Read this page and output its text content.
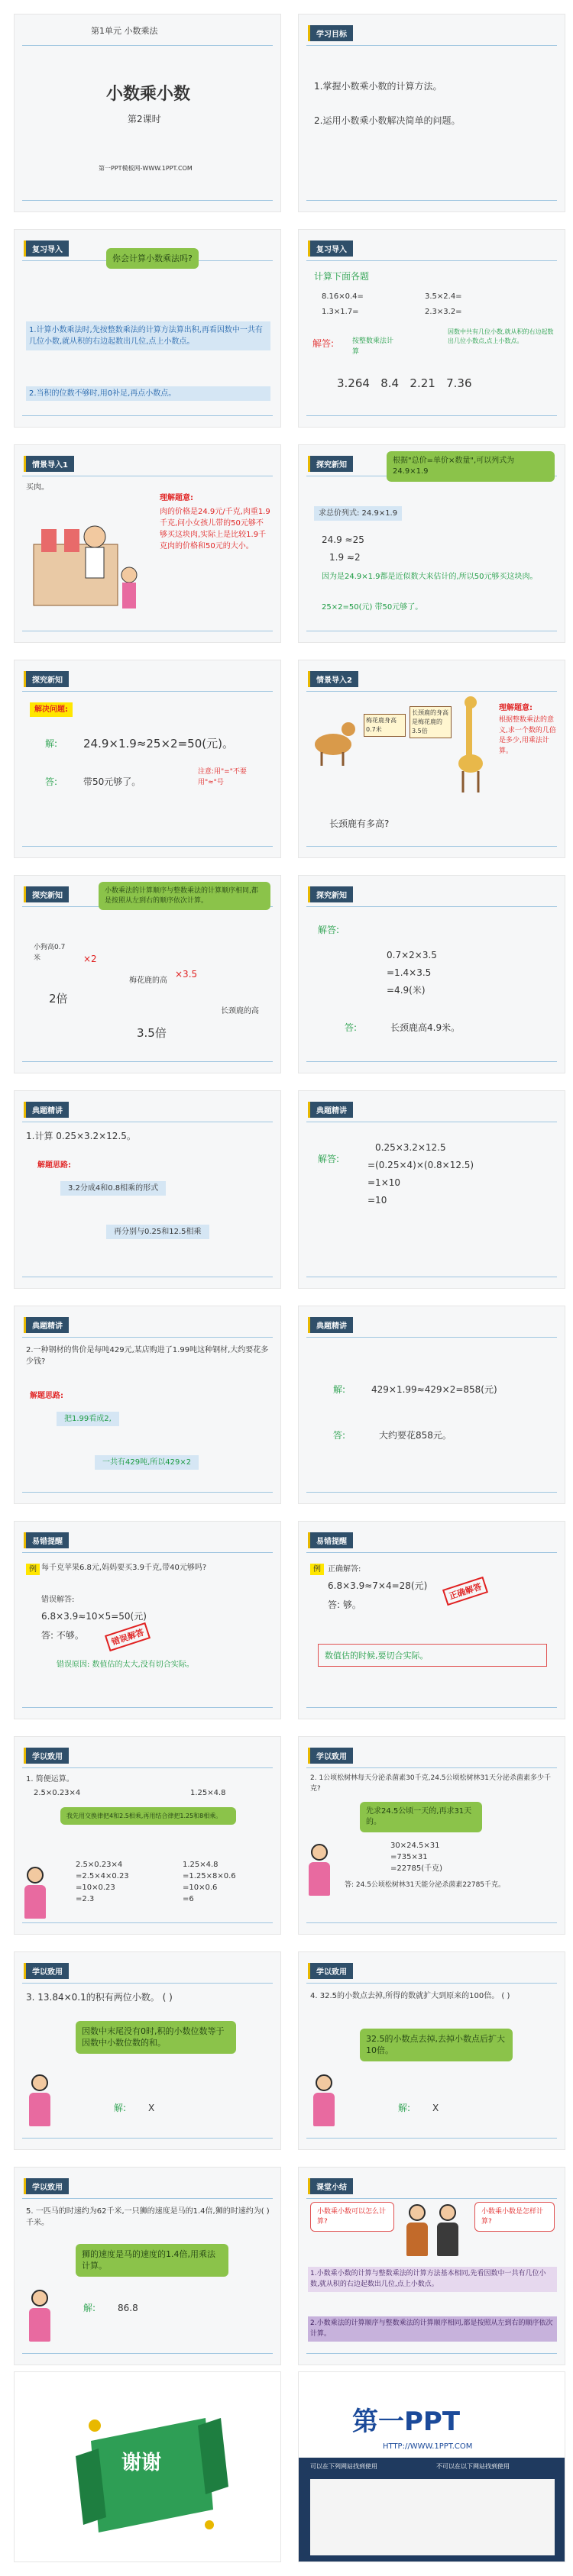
第1单元 小数乘法
小数乘小数
第2课时
第一PPT模板网-WWW.1PPT.COM
学习目标
1.掌握小数乘小数的计算方法。
2.运用小数乘小数解决简单的问题。
复习导入
你会计算小数乘法吗?
1.计算小数乘法时,先按整数乘法的计算方法算出积,再看因数中一共有几位小数,就从积的右边起数出几位,点上小数点。
2.当积的位数不够时,用0补足,再点小数点。
复习导入
计算下面各题
8.16×0.4=	3.5×2.4=
1.3×1.7=	2.3×3.2=
解答:	按整数乘法计算
因数中共有几位小数,就从积的右边起数出几位小数点,点上小数点。
3.264   8.4   2.21   7.36
情景导入1
买肉。
理解题意:
肉的价格是24.9元/千克,肉重1.9千克,问小女孩儿带的50元够不够买这块肉,实际上是比较1.9千克肉的价格和50元的大小。
探究新知
根据"总价=单价×数量",可以列式为24.9×1.9
求总价列式: 24.9×1.9
24.9 ≈25
1.9 ≈2
因为是24.9×1.9都是近似数大来估计的,所以50元够买这块肉。
25×2=50(元) 带50元够了。
探究新知
解决问题:
解: 24.9×1.9≈25×2=50(元)。
答:	带50元够了。
注意:用"="不要用"≈"号
情景导入2
梅花鹿身高0.7米
长颈鹿的身高是梅花鹿的3.5倍
理解题意:
根据整数乘法的意义,求一个数的几倍是多少,用乘法计算。
长颈鹿有多高?
探究新知
小数乘法的计算顺序与整数乘法的计算顺序相同,都是按照从左到右的顺序依次计算。
小狗高0.7米	×2
2倍
梅花鹿的高
×3.5
3.5倍
长颈鹿的高
探究新知
解答:
0.7×2×3.5
=1.4×3.5
=4.9(米)
答:	长颈鹿高4.9米。
典题精讲
1.计算 0.25×3.2×12.5。
解题思路:
3.2分成4和0.8相乘的形式
再分别与0.25和12.5相乘
典题精讲
解答:
0.25×3.2×12.5
=(0.25×4)×(0.8×12.5)
=1×10
=10
典题精讲
2.一种钢材的售价是每吨429元,某店购进了1.99吨这种钢材,大约要花多少钱?
解题思路:
把1.99看成2,
一共有429吨,所以429×2
典题精讲
解:	429×1.99≈429×2=858(元)
答:	大约要花858元。
易错提醒
例 每千克苹果6.8元,妈妈要买3.9千克,带40元够吗?
错误解答:
6.8×3.9≈10×5=50(元)
答: 不够。	错误解答
错误原因: 数值估的太大,没有切合实际。
易错提醒
例 正确解答:
6.8×3.9≈7×4=28(元)
答: 够。
正确解答
数值估的时候,要切合实际。
学以致用
1. 简便运算。
2.5×0.23×4	1.25×4.8
我先用交换律把4和2.5相乘,再用结合律把1.25和8相乘。
2.5×0.23×4
=2.5×4×0.23
=10×0.23
=2.3
1.25×4.8
=1.25×8×0.6
=10×0.6
=6
学以致用
2. 1公顷松树林每天分泌杀菌素30千克,24.5公顷松树林31天分泌杀菌素多少千克?
先求24.5公顷一天的,再求31天的。
30×24.5×31
=735×31
=22785(千克)
答: 24.5公顷松树林31天能分泌杀菌素22785千克。
学以致用
3. 13.84×0.1的积有两位小数。 ( )
因数中末尾没有0时,积的小数位数等于因数中小数位数的和。
解: X
学以致用
4. 32.5的小数点去掉,所得的数就扩大到原来的100倍。 ( )
32.5的小数点去掉,去掉小数点后扩大10倍。
解: X
学以致用
5. 一匹马的时速约为62千米,一只狮的速度是马的1.4倍,狮的时速约为( )千米。
狮的速度是马的速度的1.4倍,用乘法计算。
解: 86.8
课堂小结
小数乘小数可以怎么计算?
小数乘小数是怎样计算?
1.小数乘小数的计算与整数乘法的计算方法基本相同,先看因数中一共有几位小数,就从积的右边起数出几位,点上小数点。
2.小数乘法的计算顺序与整数乘法的计算顺序相同,都是按照从左到右的顺序依次计算。
谢谢
第一PPT
HTTP://WWW.1PPT.COM
可以在下列网站找到使用	不可以在以下网站找到使用
